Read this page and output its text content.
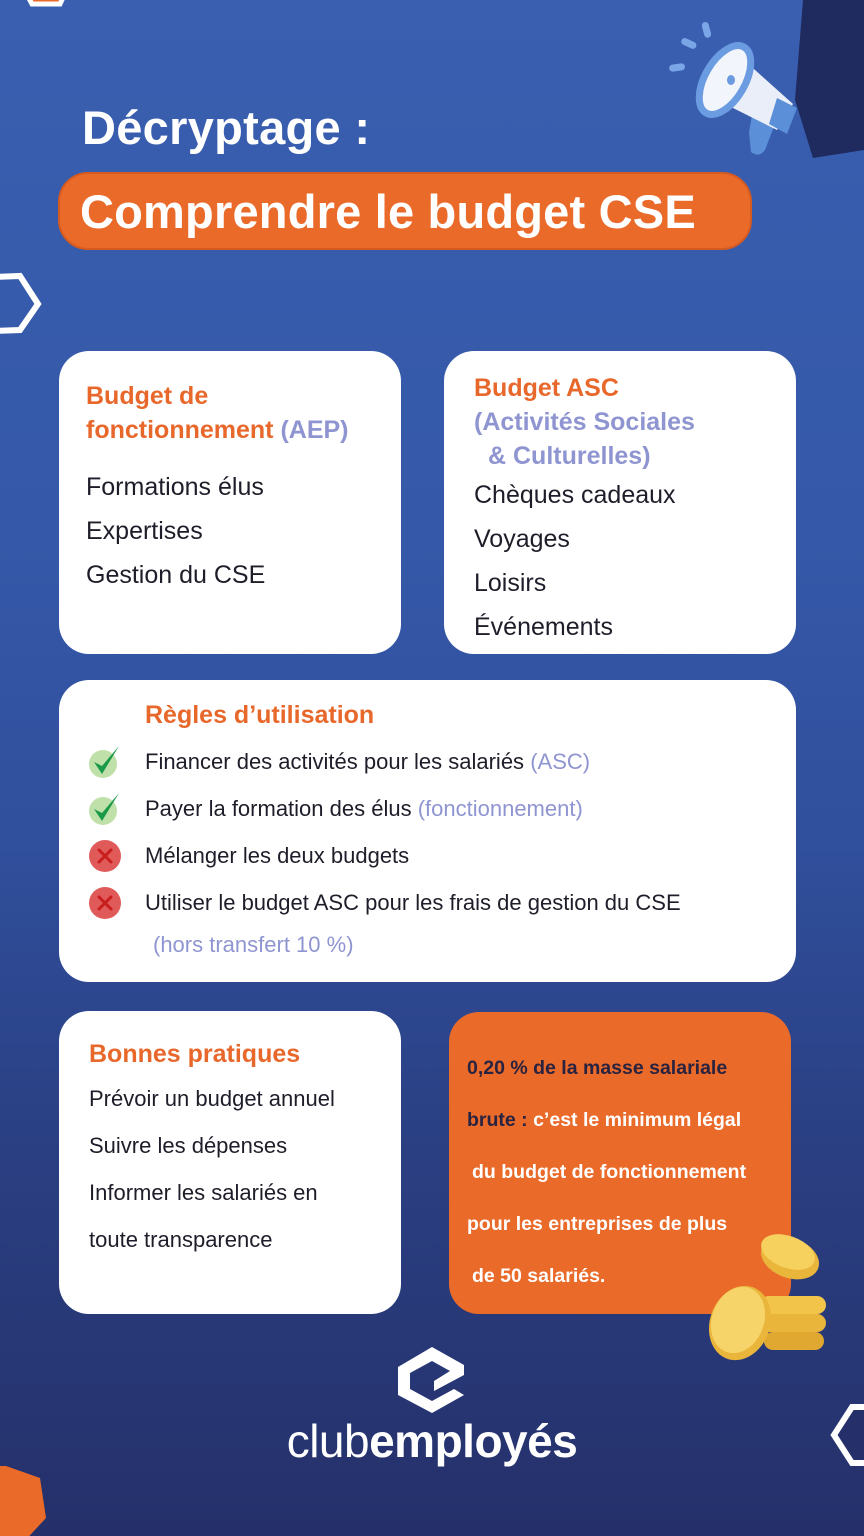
Décryptage :
Comprendre le budget CSE
Budget de
fonctionnement (AEP)
Formations élus
Expertises
Gestion du CSE
Budget ASC
(Activités Sociales
& Culturelles)
Chèques cadeaux
Voyages
Loisirs
Événements
Règles d’utilisation
Financer des activités pour les salariés
(ASC)
Payer la formation des élus
(fonctionnement)
Mélanger les deux budgets
Utiliser le budget ASC pour les frais de gestion du CSE
(hors transfert 10 %)
Bonnes pratiques
Prévoir un budget annuel
Suivre les dépenses
Informer les salariés en
toute transparence
0,20 % de la masse salariale
brute : c’est le minimum légal
du budget de fonctionnement
pour les entreprises de plus
de 50 salariés.
clubemployés
